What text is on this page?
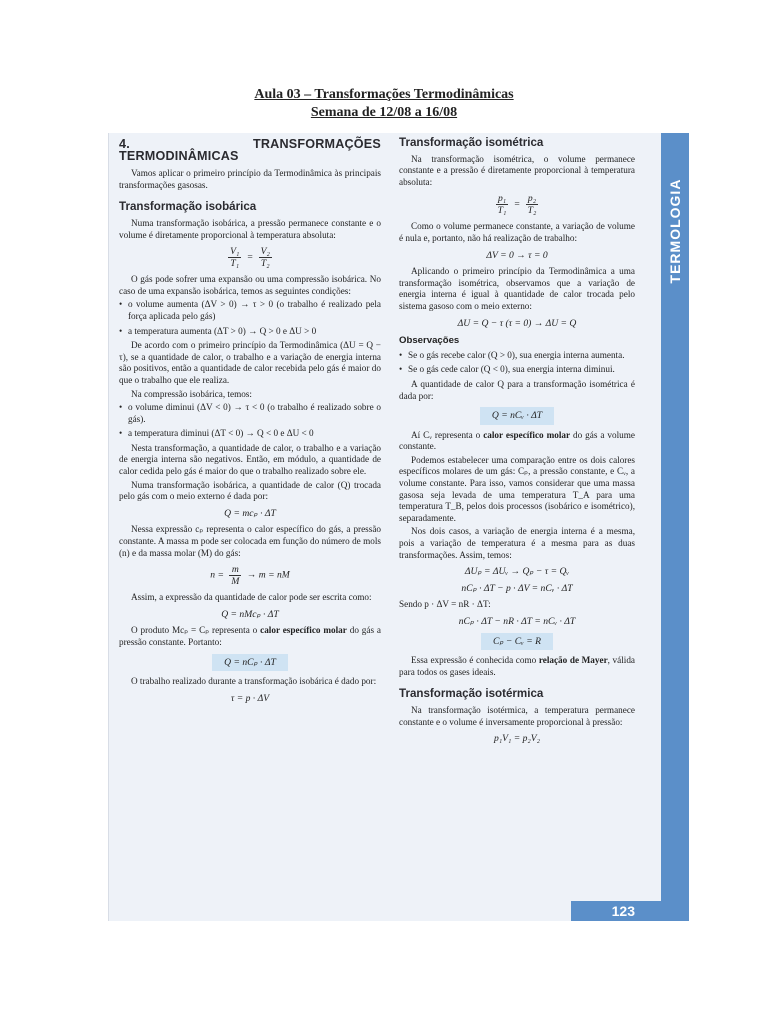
Aula 03 – Transformações Termodinâmicas
Semana de 12/08 a 16/08
4. TRANSFORMAÇÕES TERMODINÂMICAS

Vamos aplicar o primeiro princípio da Termodinâmica às principais transformações gasosas.

Transformação isobárica

Numa transformação isobárica, a pressão permanece constante e o volume é diretamente proporcional à temperatura absoluta:

$\frac{\text{V₁}}{\text{T₁}} = \frac{\text{V₂}}{\text{T₂}}$

O gás pode sofrer uma expansão ou uma compressão isobárica. No caso de uma expansão isobárica, temos as seguintes condições:

• o volume aumenta (ΔV > 0) → τ > 0 (o trabalho é realizado pela força aplicada pelo gás)
• a temperatura aumenta (ΔT > 0) → Q > 0 e ΔU > 0

De acordo com o primeiro princípio da Termodinâmica (ΔU = Q − τ), se a quantidade de calor, o trabalho e a variação de energia interna são positivos, então a quantidade de calor recebida pelo gás é maior do que o trabalho que ele realiza.

Na compressão isobárica, temos:

• o volume diminui (ΔV < 0) → τ < 0 (o trabalho é realizado sobre o gás).
• a temperatura diminui (ΔT < 0) → Q < 0 e ΔU < 0

Nesta transformação, a quantidade de calor, o trabalho e a variação de energia interna são negativos. Então, em módulo, a quantidade de calor cedida pelo gás é maior do que o trabalho realizado sobre ele.

Numa transformação isobárica, a quantidade de calor (Q) trocada pelo gás com o meio externo é dada por:

Q = mcₚ · ΔT

Nessa expressão cₚ representa o calor específico do gás, a pressão constante. A massa m pode ser colocada em função do número de mols (n) e da massa molar (M) do gás:

$n = \frac{m}{M} \to m$ = nM

Assim, a expressão da quantidade de calor pode ser escrita como:

Q = nMcₚ · ΔT

O produto Mcₚ = Cₚ representa o calor específico molar do gás a pressão constante. Portanto:

Q = nCₚ · ΔT

O trabalho realizado durante a transformação isobárica é dado por:

τ = p · ΔV
Transformação isométrica

Na transformação isométrica, o volume permanece constante e a pressão é diretamente proporcional à temperatura absoluta:

$\frac{\text{p₁}}{\text{T₁}} = \frac{\text{p₂}}{\text{T₂}}$

Como o volume permanece constante, a variação de volume é nula e, portanto, não há realização de trabalho:

ΔV = 0 → τ = 0

Aplicando o primeiro princípio da Termodinâmica a uma transformação isométrica, observamos que a variação de energia interna é igual à quantidade de calor trocada pelo sistema gasoso com o meio externo:

ΔU = Q − τ (τ = 0) → ΔU = Q
Observações
• Se o gás recebe calor (Q > 0), sua energia interna aumenta.
• Se o gás cede calor (Q < 0), sua energia interna diminui.

A quantidade de calor Q para a transformação isométrica é dada por:

Q = nCᵥ · ΔT

Aí Cᵥ representa o calor específico molar do gás a volume constante.

Podemos estabelecer uma comparação entre os dois calores específicos molares de um gás: Cₚ, a pressão constante, e Cᵥ, a volume constante. Para isso, vamos considerar que uma massa gasosa seja levada de uma temperatura T_A para uma temperatura T_B, pelos dois processos (isobárico e isométrico), separadamente.

Nos dois casos, a variação de energia interna é a mesma, pois a variação de temperatura é a mesma para as duas transformações. Assim, temos:

ΔUₚ = ΔUᵥ → Qₚ − τ = Qᵥ
nCₚ · ΔT − p · ΔV = nCᵥ · ΔT

Sendo p · ΔV = nR · ΔT:

nCₚ · ΔT − nR · ΔT = nCᵥ · ΔT
Cₚ − Cᵥ = R

Essa expressão é conhecida como relação de Mayer, válida para todos os gases ideais.

Transformação isotérmica

Na transformação isotérmica, a temperatura permanece constante e o volume é inversamente proporcional à pressão:

p₁V₁ = p₂V₂
TERMOLOGIA
123
